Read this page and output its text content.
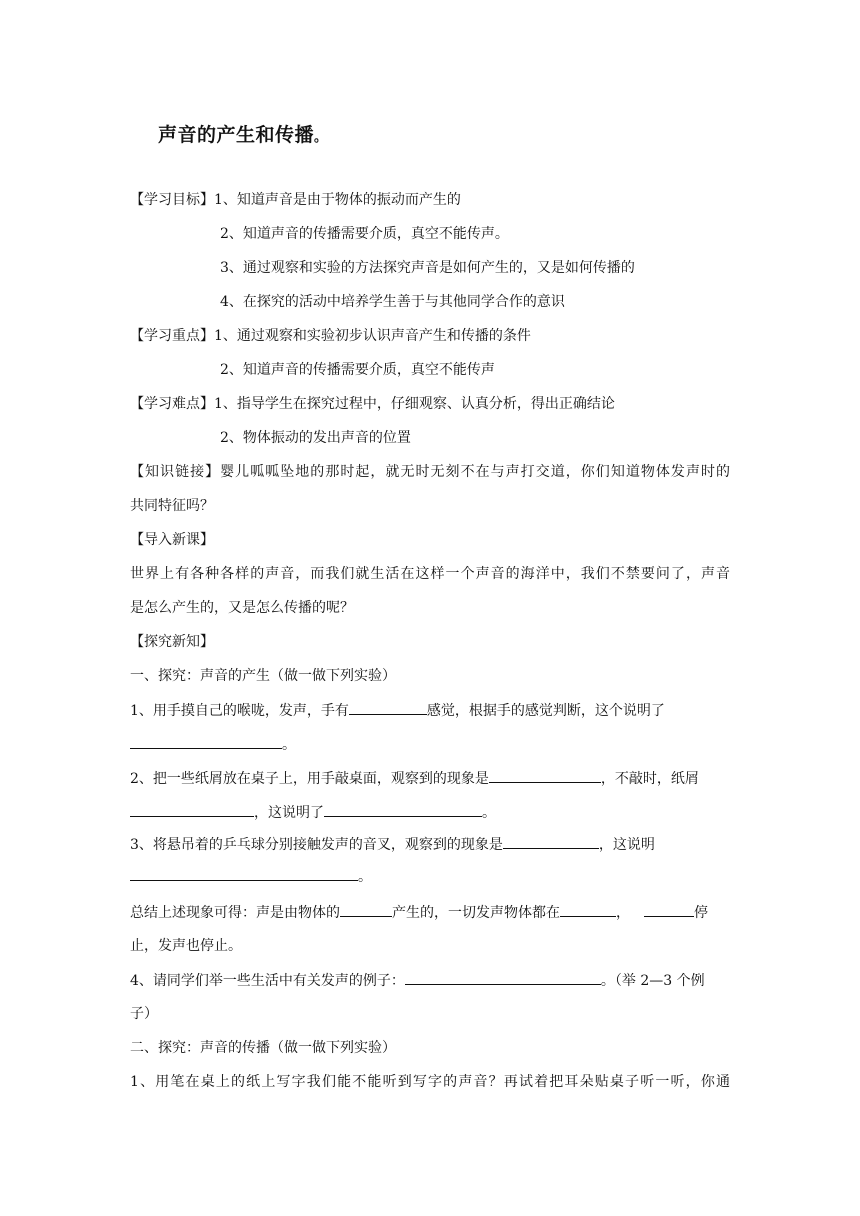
声音的产生和传播。
【学习目标】1、知道声音是由于物体的振动而产生的
2、知道声音的传播需要介质，真空不能传声。
3、通过观察和实验的方法探究声音是如何产生的，又是如何传播的
4、在探究的活动中培养学生善于与其他同学合作的意识
【学习重点】1、通过观察和实验初步认识声音产生和传播的条件
2、知道声音的传播需要介质，真空不能传声
【学习难点】1、指导学生在探究过程中，仔细观察、认真分析，得出正确结论
2、物体振动的发出声音的位置
【知识链接】婴儿呱呱坠地的那时起，就无时无刻不在与声打交道，你们知道物体发声时的
共同特征吗？
【导入新课】
世界上有各种各样的声音，而我们就生活在这样一个声音的海洋中，我们不禁要问了，声音
是怎么产生的，又是怎么传播的呢？
【探究新知】
一、探究：声音的产生（做一做下列实验）
1、用手摸自己的喉咙，发声，手有	感觉，根据手的感觉判断，这个说明了
。
2、把一些纸屑放在桌子上，用手敲桌面，观察到的现象是	，不敲时，纸屑
，这说明了	。
3、将悬吊着的乒乓球分别接触发声的音叉，观察到的现象是	，这说明
。
总结上述现象可得：声是由物体的	产生的，一切发声物体都在	，	停
止，发声也停止。
4、请同学们举一些生活中有关发声的例子：	。（举 2—3 个例
子）
二、探究：声音的传播（做一做下列实验）
1、用笔在桌上的纸上写字我们能不能听到写字的声音？再试着把耳朵贴桌子听一听，你通
